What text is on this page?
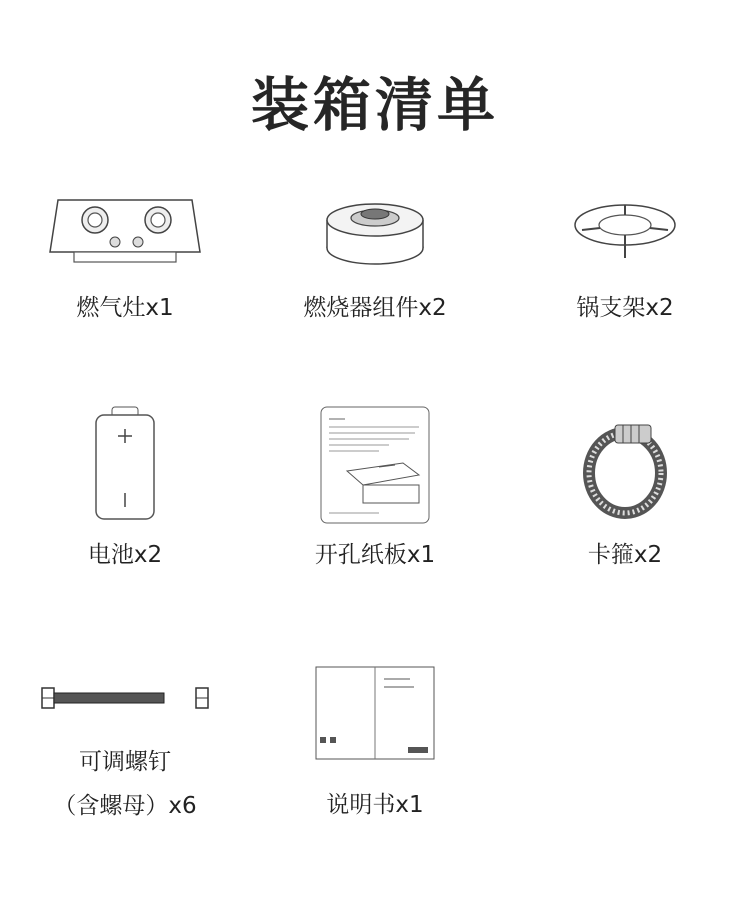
装箱清单
燃气灶x1	燃烧器组件x2	锅支架x2
电池x2	开孔纸板x1	卡箍x2
可调螺钉
（含螺母）x6	说明书x1
